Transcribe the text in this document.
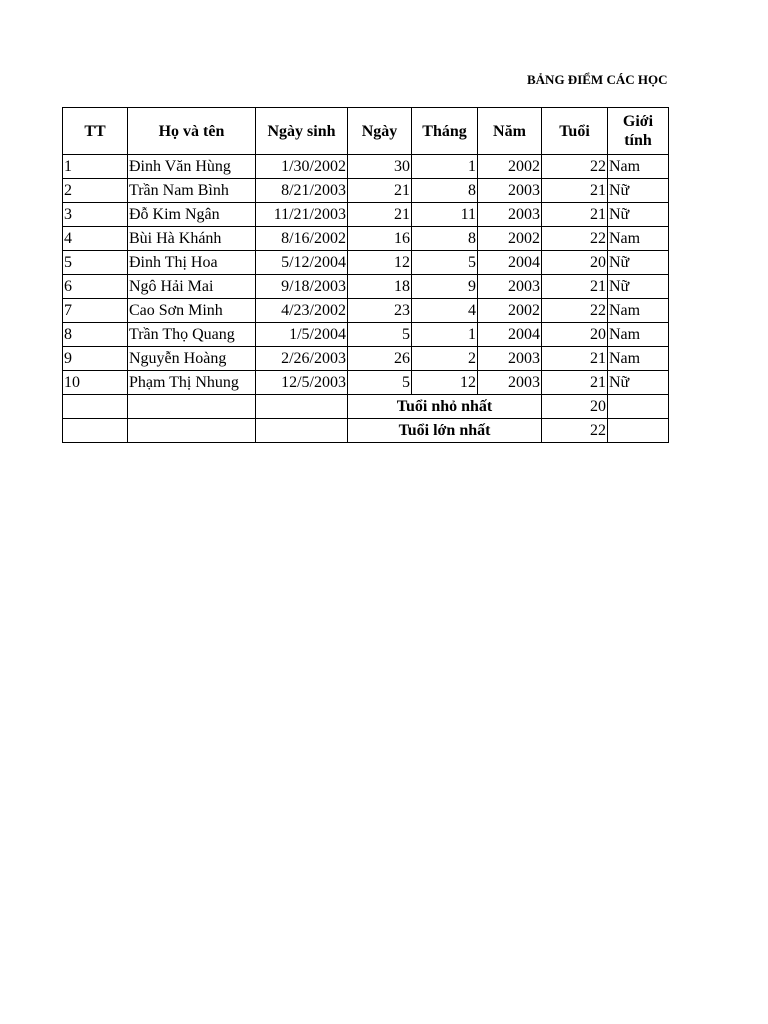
BẢNG ĐIỂM CÁC HỌC
TT	Họ và tên	Ngày sinh	Ngày	Tháng	Năm	Tuổi	Giới tính
1	Đinh Văn Hùng	1/30/2002	30	1	2002	22	Nam
2	Trần Nam Bình	8/21/2003	21	8	2003	21	Nữ
3	Đỗ Kim Ngân	11/21/2003	21	11	2003	21	Nữ
4	Bùi Hà Khánh	8/16/2002	16	8	2002	22	Nam
5	Đinh Thị Hoa	5/12/2004	12	5	2004	20	Nữ
6	Ngô Hải Mai	9/18/2003	18	9	2003	21	Nữ
7	Cao Sơn Minh	4/23/2002	23	4	2002	22	Nam
8	Trần Thọ Quang	1/5/2004	5	1	2004	20	Nam
9	Nguyễn Hoàng	2/26/2003	26	2	2003	21	Nam
10	Phạm Thị Nhung	12/5/2003	5	12	2003	21	Nữ
			Tuổi nhỏ nhất			20	
			Tuổi lớn nhất			22	
